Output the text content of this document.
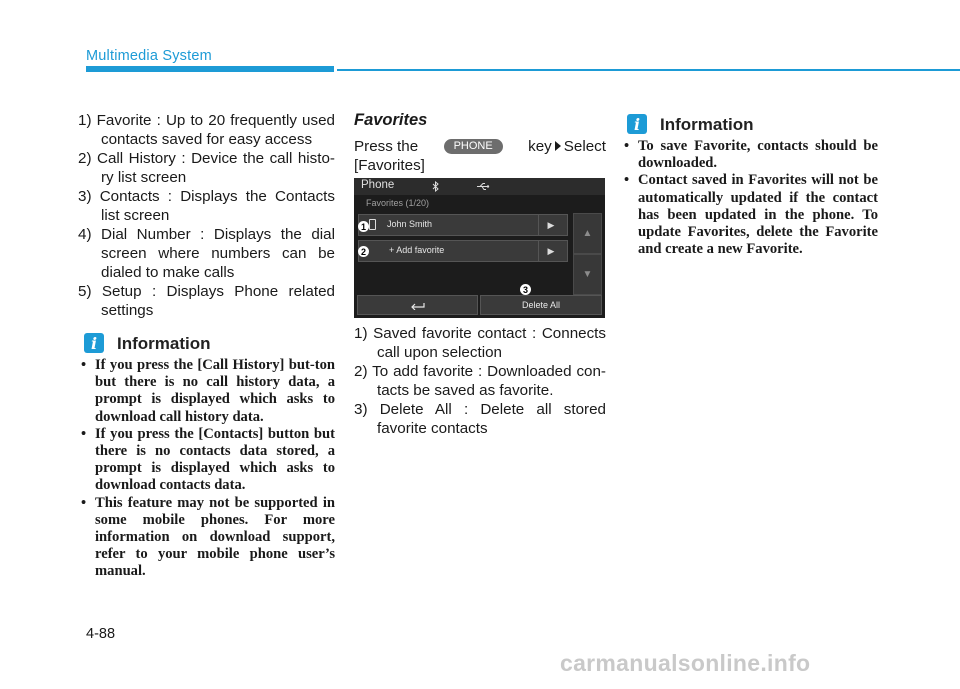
Multimedia System
1) Favorite : Up to 20 frequently used contacts saved for easy access
2) Call History : Device the call histo-ry list screen
3) Contacts : Displays the Contacts list screen
4) Dial Number : Displays the dial screen where numbers can be dialed to make calls
5) Setup : Displays Phone related settings
i	Information
• If you press the [Call History] but-ton but there is no call history data, a prompt is displayed which asks to download call history data.
• If you press the [Contacts] button but there is no contacts data stored, a prompt is displayed which asks to download contacts data.
• This feature may not be supported in some mobile phones. For more information on download support, refer to your mobile phone user’s manual.
Favorites
Press the	PHONE	key Select
[Favorites]
Phone
Favorites (1/20)
John Smith	▶
+ Add favorite	▶
▲
▼
Delete All
1
2
3
1) Saved favorite contact : Connects call upon selection
2) To add favorite : Downloaded con-tacts be saved as favorite.
3) Delete All : Delete all stored favorite contacts
i	Information
• To save Favorite, contacts should be downloaded.
• Contact saved in Favorites will not be automatically updated if the contact has been updated in the phone. To update Favorites, delete the Favorite and create a new Favorite.
4-88
carmanualsonline.info
